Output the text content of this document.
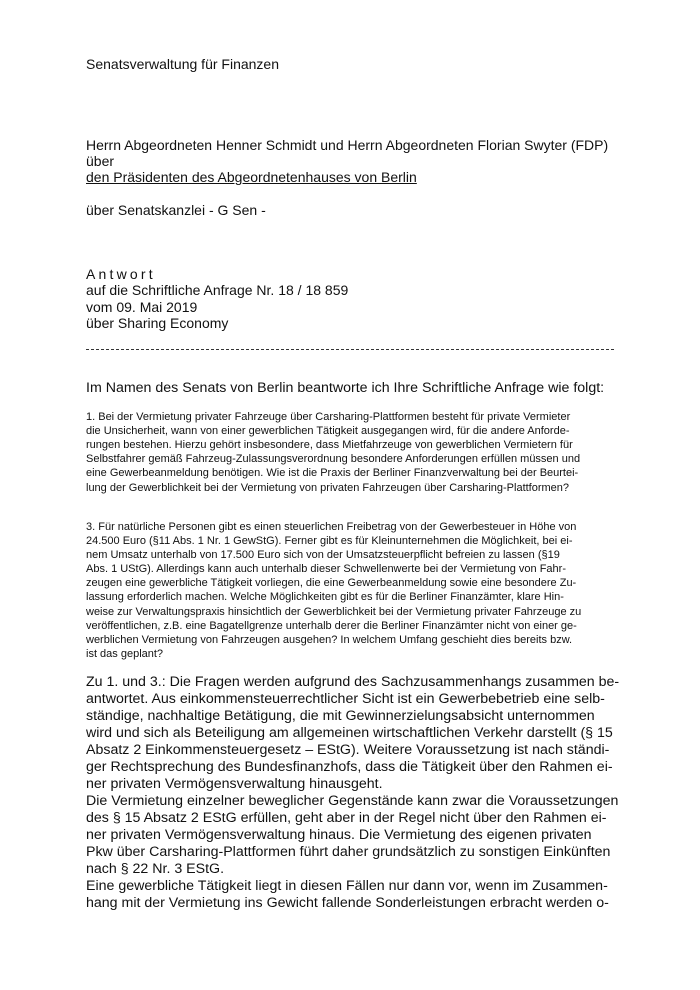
Senatsverwaltung für Finanzen
Herrn Abgeordneten Henner Schmidt und Herrn Abgeordneten Florian Swyter (FDP)
über
den Präsidenten des Abgeordnetenhauses von Berlin
über Senatskanzlei - G Sen -
Antwort
auf die Schriftliche Anfrage Nr. 18 / 18 859
vom 09. Mai 2019
über Sharing Economy
Im Namen des Senats von Berlin beantworte ich Ihre Schriftliche Anfrage wie folgt:
1. Bei der Vermietung privater Fahrzeuge über Carsharing-Plattformen besteht für private Vermieter
die Unsicherheit, wann von einer gewerblichen Tätigkeit ausgegangen wird, für die andere Anforde-
rungen bestehen. Hierzu gehört insbesondere, dass Mietfahrzeuge von gewerblichen Vermietern für
Selbstfahrer gemäß Fahrzeug-Zulassungsverordnung besondere Anforderungen erfüllen müssen und
eine Gewerbeanmeldung benötigen. Wie ist die Praxis der Berliner Finanzverwaltung bei der Beurtei-
lung der Gewerblichkeit bei der Vermietung von privaten Fahrzeugen über Carsharing-Plattformen?
3. Für natürliche Personen gibt es einen steuerlichen Freibetrag von der Gewerbesteuer in Höhe von
24.500 Euro (§11 Abs. 1 Nr. 1 GewStG). Ferner gibt es für Kleinunternehmen die Möglichkeit, bei ei-
nem Umsatz unterhalb von 17.500 Euro sich von der Umsatzsteuerpflicht befreien zu lassen (§19
Abs. 1 UStG). Allerdings kann auch unterhalb dieser Schwellenwerte bei der Vermietung von Fahr-
zeugen eine gewerbliche Tätigkeit vorliegen, die eine Gewerbeanmeldung sowie eine besondere Zu-
lassung erforderlich machen. Welche Möglichkeiten gibt es für die Berliner Finanzämter, klare Hin-
weise zur Verwaltungspraxis hinsichtlich der Gewerblichkeit bei der Vermietung privater Fahrzeuge zu
veröffentlichen, z.B. eine Bagatellgrenze unterhalb derer die Berliner Finanzämter nicht von einer ge-
werblichen Vermietung von Fahrzeugen ausgehen? In welchem Umfang geschieht dies bereits bzw.
ist das geplant?
Zu 1. und 3.: Die Fragen werden aufgrund des Sachzusammenhangs zusammen be-
antwortet. Aus einkommensteuerrechtlicher Sicht ist ein Gewerbebetrieb eine selb-
ständige, nachhaltige Betätigung, die mit Gewinnerzielungsabsicht unternommen
wird und sich als Beteiligung am allgemeinen wirtschaftlichen Verkehr darstellt (§ 15
Absatz 2 Einkommensteuergesetz – EStG). Weitere Voraussetzung ist nach ständi-
ger Rechtsprechung des Bundesfinanzhofs, dass die Tätigkeit über den Rahmen ei-
ner privaten Vermögensverwaltung hinausgeht.
Die Vermietung einzelner beweglicher Gegenstände kann zwar die Voraussetzungen
des § 15 Absatz 2 EStG erfüllen, geht aber in der Regel nicht über den Rahmen ei-
ner privaten Vermögensverwaltung hinaus. Die Vermietung des eigenen privaten
Pkw über Carsharing-Plattformen führt daher grundsätzlich zu sonstigen Einkünften
nach § 22 Nr. 3 EStG.
Eine gewerbliche Tätigkeit liegt in diesen Fällen nur dann vor, wenn im Zusammen-
hang mit der Vermietung ins Gewicht fallende Sonderleistungen erbracht werden o-
